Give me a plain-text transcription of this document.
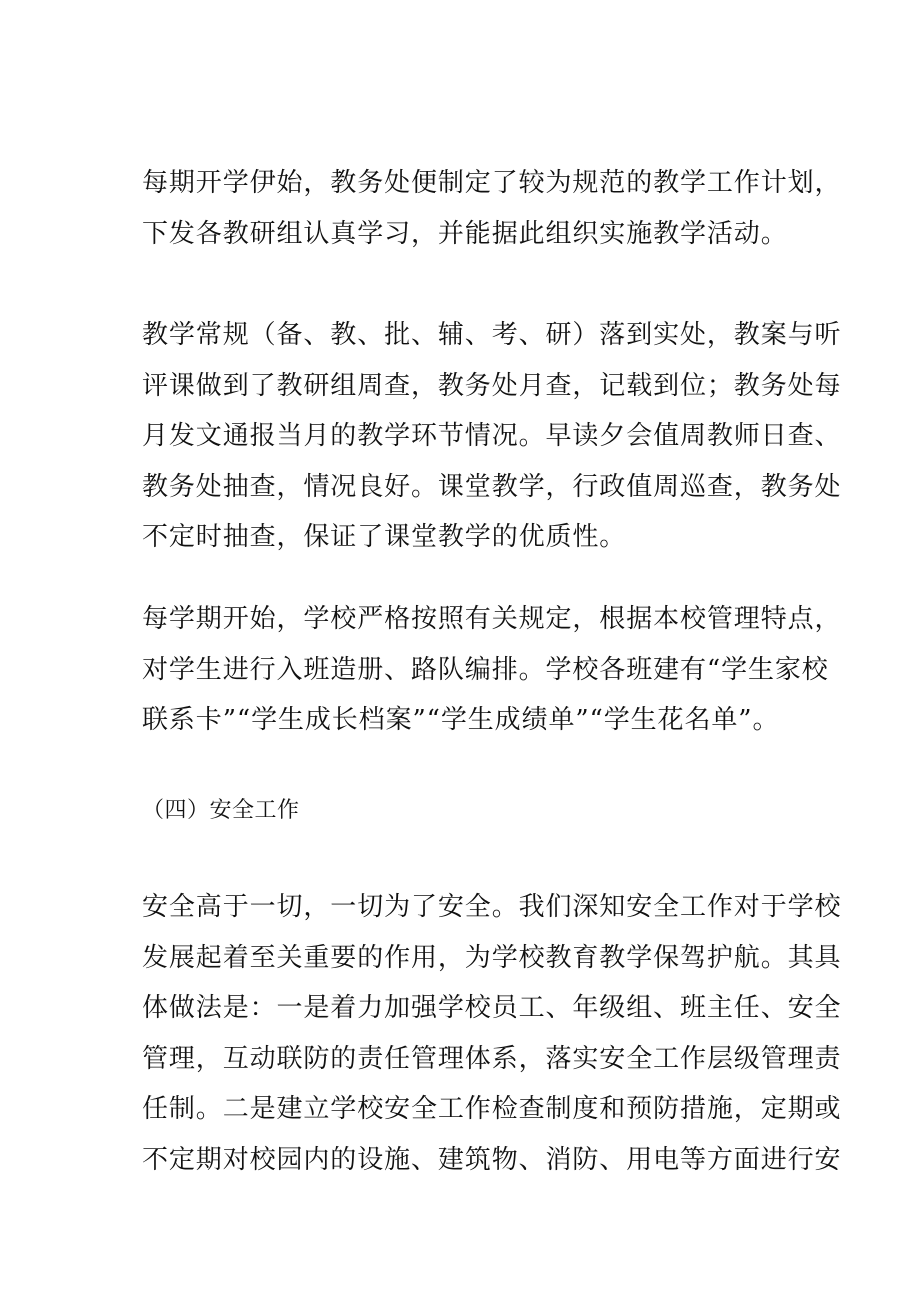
每期开学伊始，教务处便制定了较为规范的教学工作计划，
下发各教研组认真学习，并能据此组织实施教学活动。
教学常规（备、教、批、辅、考、研）落到实处，教案与听
评课做到了教研组周查，教务处月查，记载到位；教务处每
月发文通报当月的教学环节情况。早读夕会值周教师日查、
教务处抽查，情况良好。课堂教学，行政值周巡查，教务处
不定时抽查，保证了课堂教学的优质性。
每学期开始，学校严格按照有关规定，根据本校管理特点，
对学生进行入班造册、路队编排。学校各班建有“学生家校
联系卡”“学生成长档案”“学生成绩单”“学生花名单”。
（四）安全工作
安全高于一切，一切为了安全。我们深知安全工作对于学校
发展起着至关重要的作用，为学校教育教学保驾护航。其具
体做法是：一是着力加强学校员工、年级组、班主任、安全
管理，互动联防的责任管理体系，落实安全工作层级管理责
任制。二是建立学校安全工作检查制度和预防措施，定期或
不定期对校园内的设施、建筑物、消防、用电等方面进行安
